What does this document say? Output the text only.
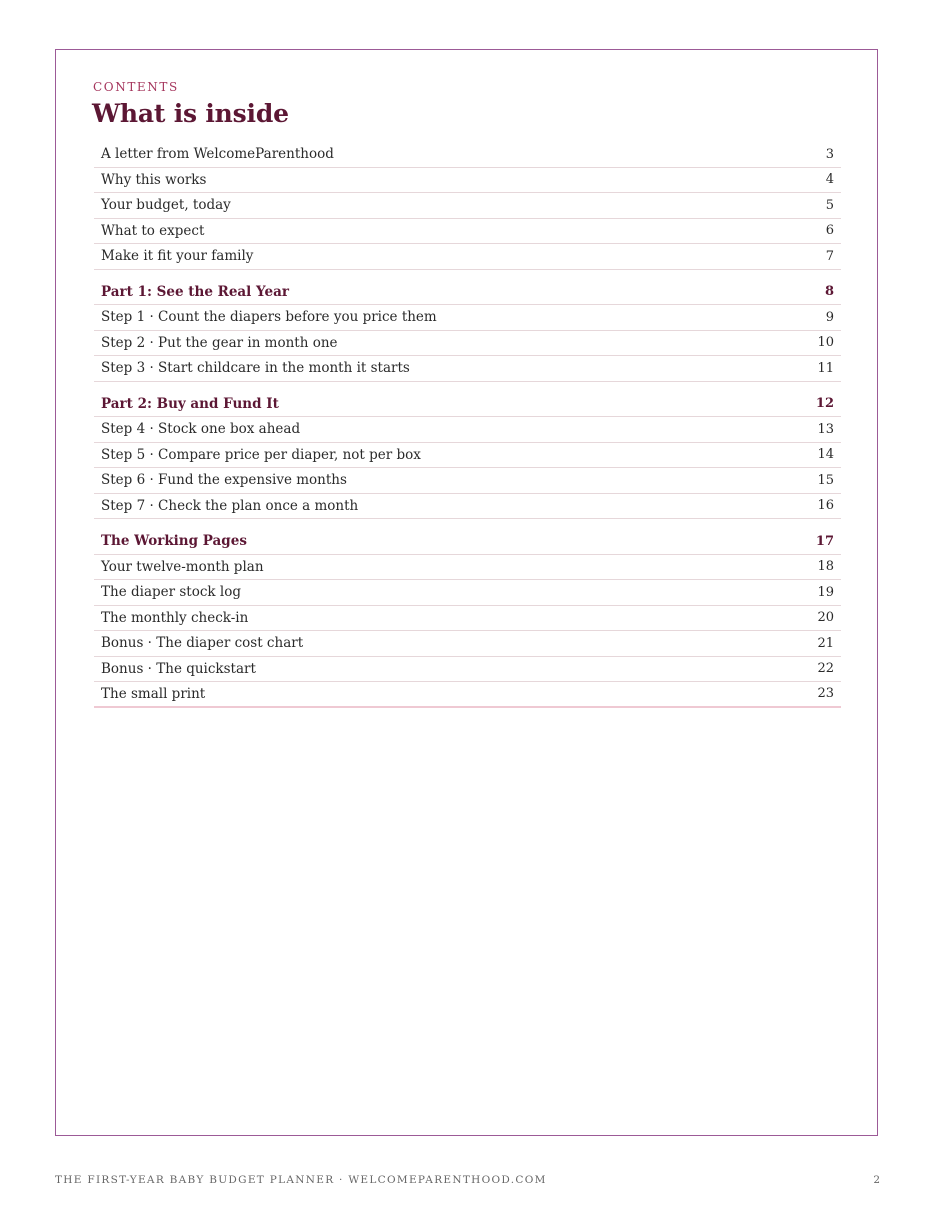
CONTENTS
What is inside
A letter from WelcomeParenthood	3
Why this works	4
Your budget, today	5
What to expect	6
Make it fit your family	7
Part 1: See the Real Year	8
Step 1 · Count the diapers before you price them	9
Step 2 · Put the gear in month one	10
Step 3 · Start childcare in the month it starts	11
Part 2: Buy and Fund It	12
Step 4 · Stock one box ahead	13
Step 5 · Compare price per diaper, not per box	14
Step 6 · Fund the expensive months	15
Step 7 · Check the plan once a month	16
The Working Pages	17
Your twelve-month plan	18
The diaper stock log	19
The monthly check-in	20
Bonus · The diaper cost chart	21
Bonus · The quickstart	22
The small print	23
THE FIRST-YEAR BABY BUDGET PLANNER · WELCOMEPARENTHOOD.COM	2
